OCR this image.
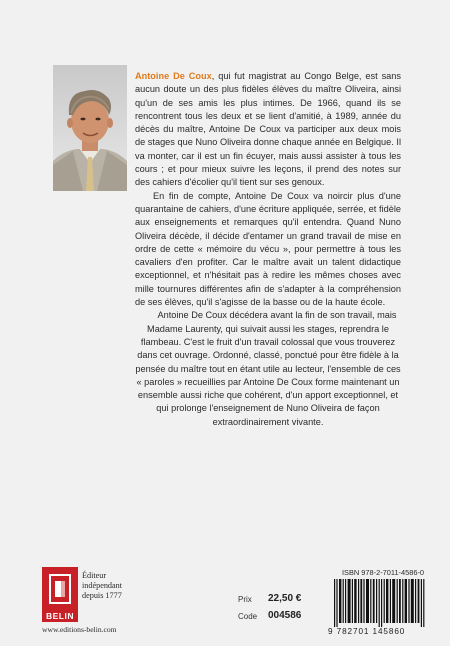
Antoine De Coux, qui fut magistrat au Congo Belge, est sans aucun doute un des plus fidèles élèves du maître Oliveira, ainsi qu'un de ses amis les plus intimes. De 1966, quand ils se rencontrent tous les deux et se lient d'amitié, à 1989, année du décès du maître, Antoine De Coux va participer aux deux mois de stages que Nuno Oliveira donne chaque année en Belgique. Il va monter, car il est un fin écuyer, mais aussi assister à tous les cours ; et pour mieux suivre les leçons, il prend des notes sur des cahiers d'écolier qu'il tient sur ses genoux.

En fin de compte, Antoine De Coux va noircir plus d'une quarantaine de cahiers, d'une écriture appliquée, serrée, et fidèle aux enseignements et remarques qu'il entendra. Quand Nuno Oliveira décède, il décide d'entamer un grand travail de mise en ordre de cette « mémoire du vécu », pour permettre à tous les cavaliers d'en profiter. Car le maître avait un talent didactique exceptionnel, et n'hésitait pas à redire les mêmes choses avec mille tournures différentes afin de s'adapter à la compréhension de ses élèves, qu'il s'agisse de la basse ou de la haute école.

Antoine De Coux décédera avant la fin de son travail, mais Madame Laurenty, qui suivait aussi les stages, reprendra le flambeau. C'est le fruit d'un travail colossal que vous trouverez dans cet ouvrage. Ordonné, classé, ponctué pour être fidèle à la pensée du maître tout en étant utile au lecteur, l'ensemble de ces « paroles » recueillies par Antoine De Coux forme maintenant un ensemble aussi riche que cohérent, d'un apport exceptionnel, et qui prolonge l'enseignement de Nuno Oliveira de façon extraordinairement vivante.

BELIN
Éditeur
indépendant
depuis 1777
www.editions-belin.com
Prix 22,50 €
Code 004586
ISBN 978-2-7011-4586-0
9 782701 145860
